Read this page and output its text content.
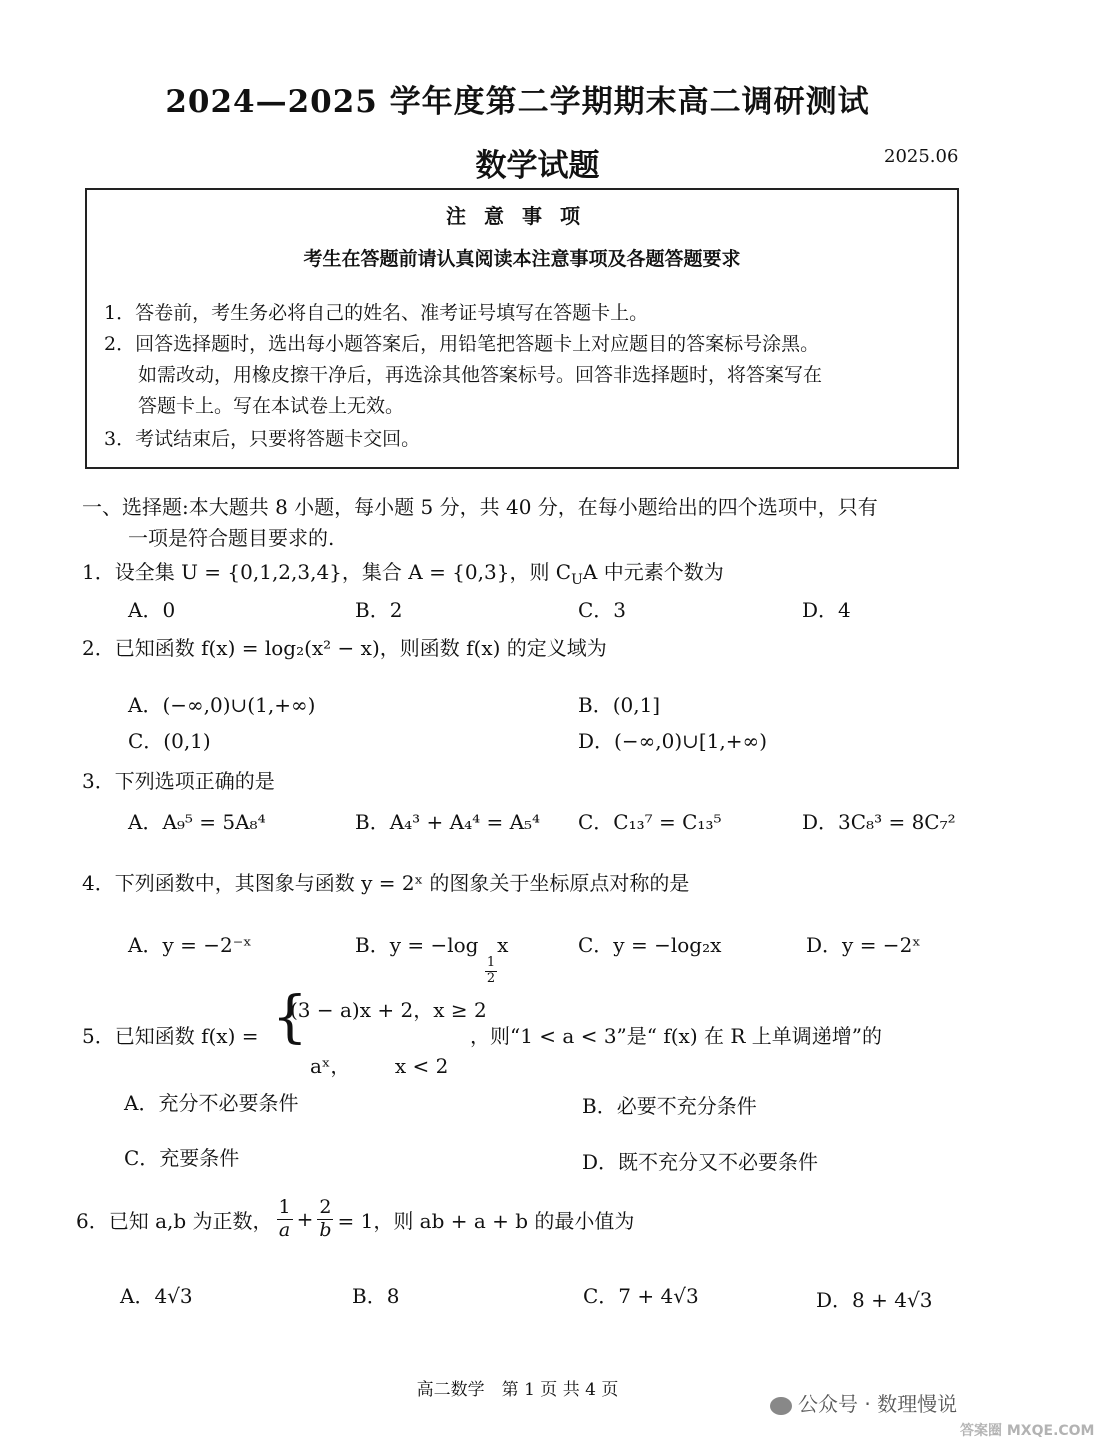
2024—2025 学年度第二学期期末高二调研测试
数学试题	2025.06
注意事项
考生在答题前请认真阅读本注意事项及各题答题要求
1．答卷前，考生务必将自己的姓名、准考证号填写在答题卡上。
2．回答选择题时，选出每小题答案后，用铅笔把答题卡上对应题目的答案标号涂黑。
如需改动，用橡皮擦干净后，再选涂其他答案标号。回答非选择题时，将答案写在
答题卡上。写在本试卷上无效。
3．考试结束后，只要将答题卡交回。
一、选择题:本大题共 8 小题，每小题 5 分，共 40 分，在每小题给出的四个选项中，只有
一项是符合题目要求的.
1．设全集 U = {0,1,2,3,4}，集合 A = {0,3}，则 $C_UA$ 中元素个数为
A．0	B．2	C．3	D．4
2．已知函数 f(x) = log₂(x² − x)，则函数 f(x) 的定义域为
A．(−∞,0)∪(1,+∞)	B．(0,1]
C．(0,1)	D．(−∞,0)∪[1,+∞)
3．下列选项正确的是
A．A₉⁵ = 5A₈⁴	B．A₄³ + A₄⁴ = A₅⁴ C．C₁₃⁷ = C₁₃⁵	D．3C₈³ = 8C₇²
4．下列函数中，其图象与函数 y = 2ˣ 的图象关于坐标原点对称的是
A．y = −2⁻ˣ	B．y = −log
$\frac{1}{2}$
x	C．y = −log₂x	D．y = −2ˣ
5．已知函数 f(x) = {
(3 − a)x + 2，x ≥ 2
aˣ，       x < 2
，则“1 < a < 3”是“ f(x) 在 R 上单调递增”的
A．充分不必要条件	B．必要不充分条件
C．充要条件	D．既不充分又不必要条件
6．已知 a,b 为正数， $\frac{1}{a} + \frac{2}{b} = 1$，则 ab + a + b 的最小值为
A．4√3	B．8	C．7 + 4√3	D．8 + 4√3
高二数学　第 1 页 共 4 页
公众号 · 数理慢说
答案圈 MXQE.COM
